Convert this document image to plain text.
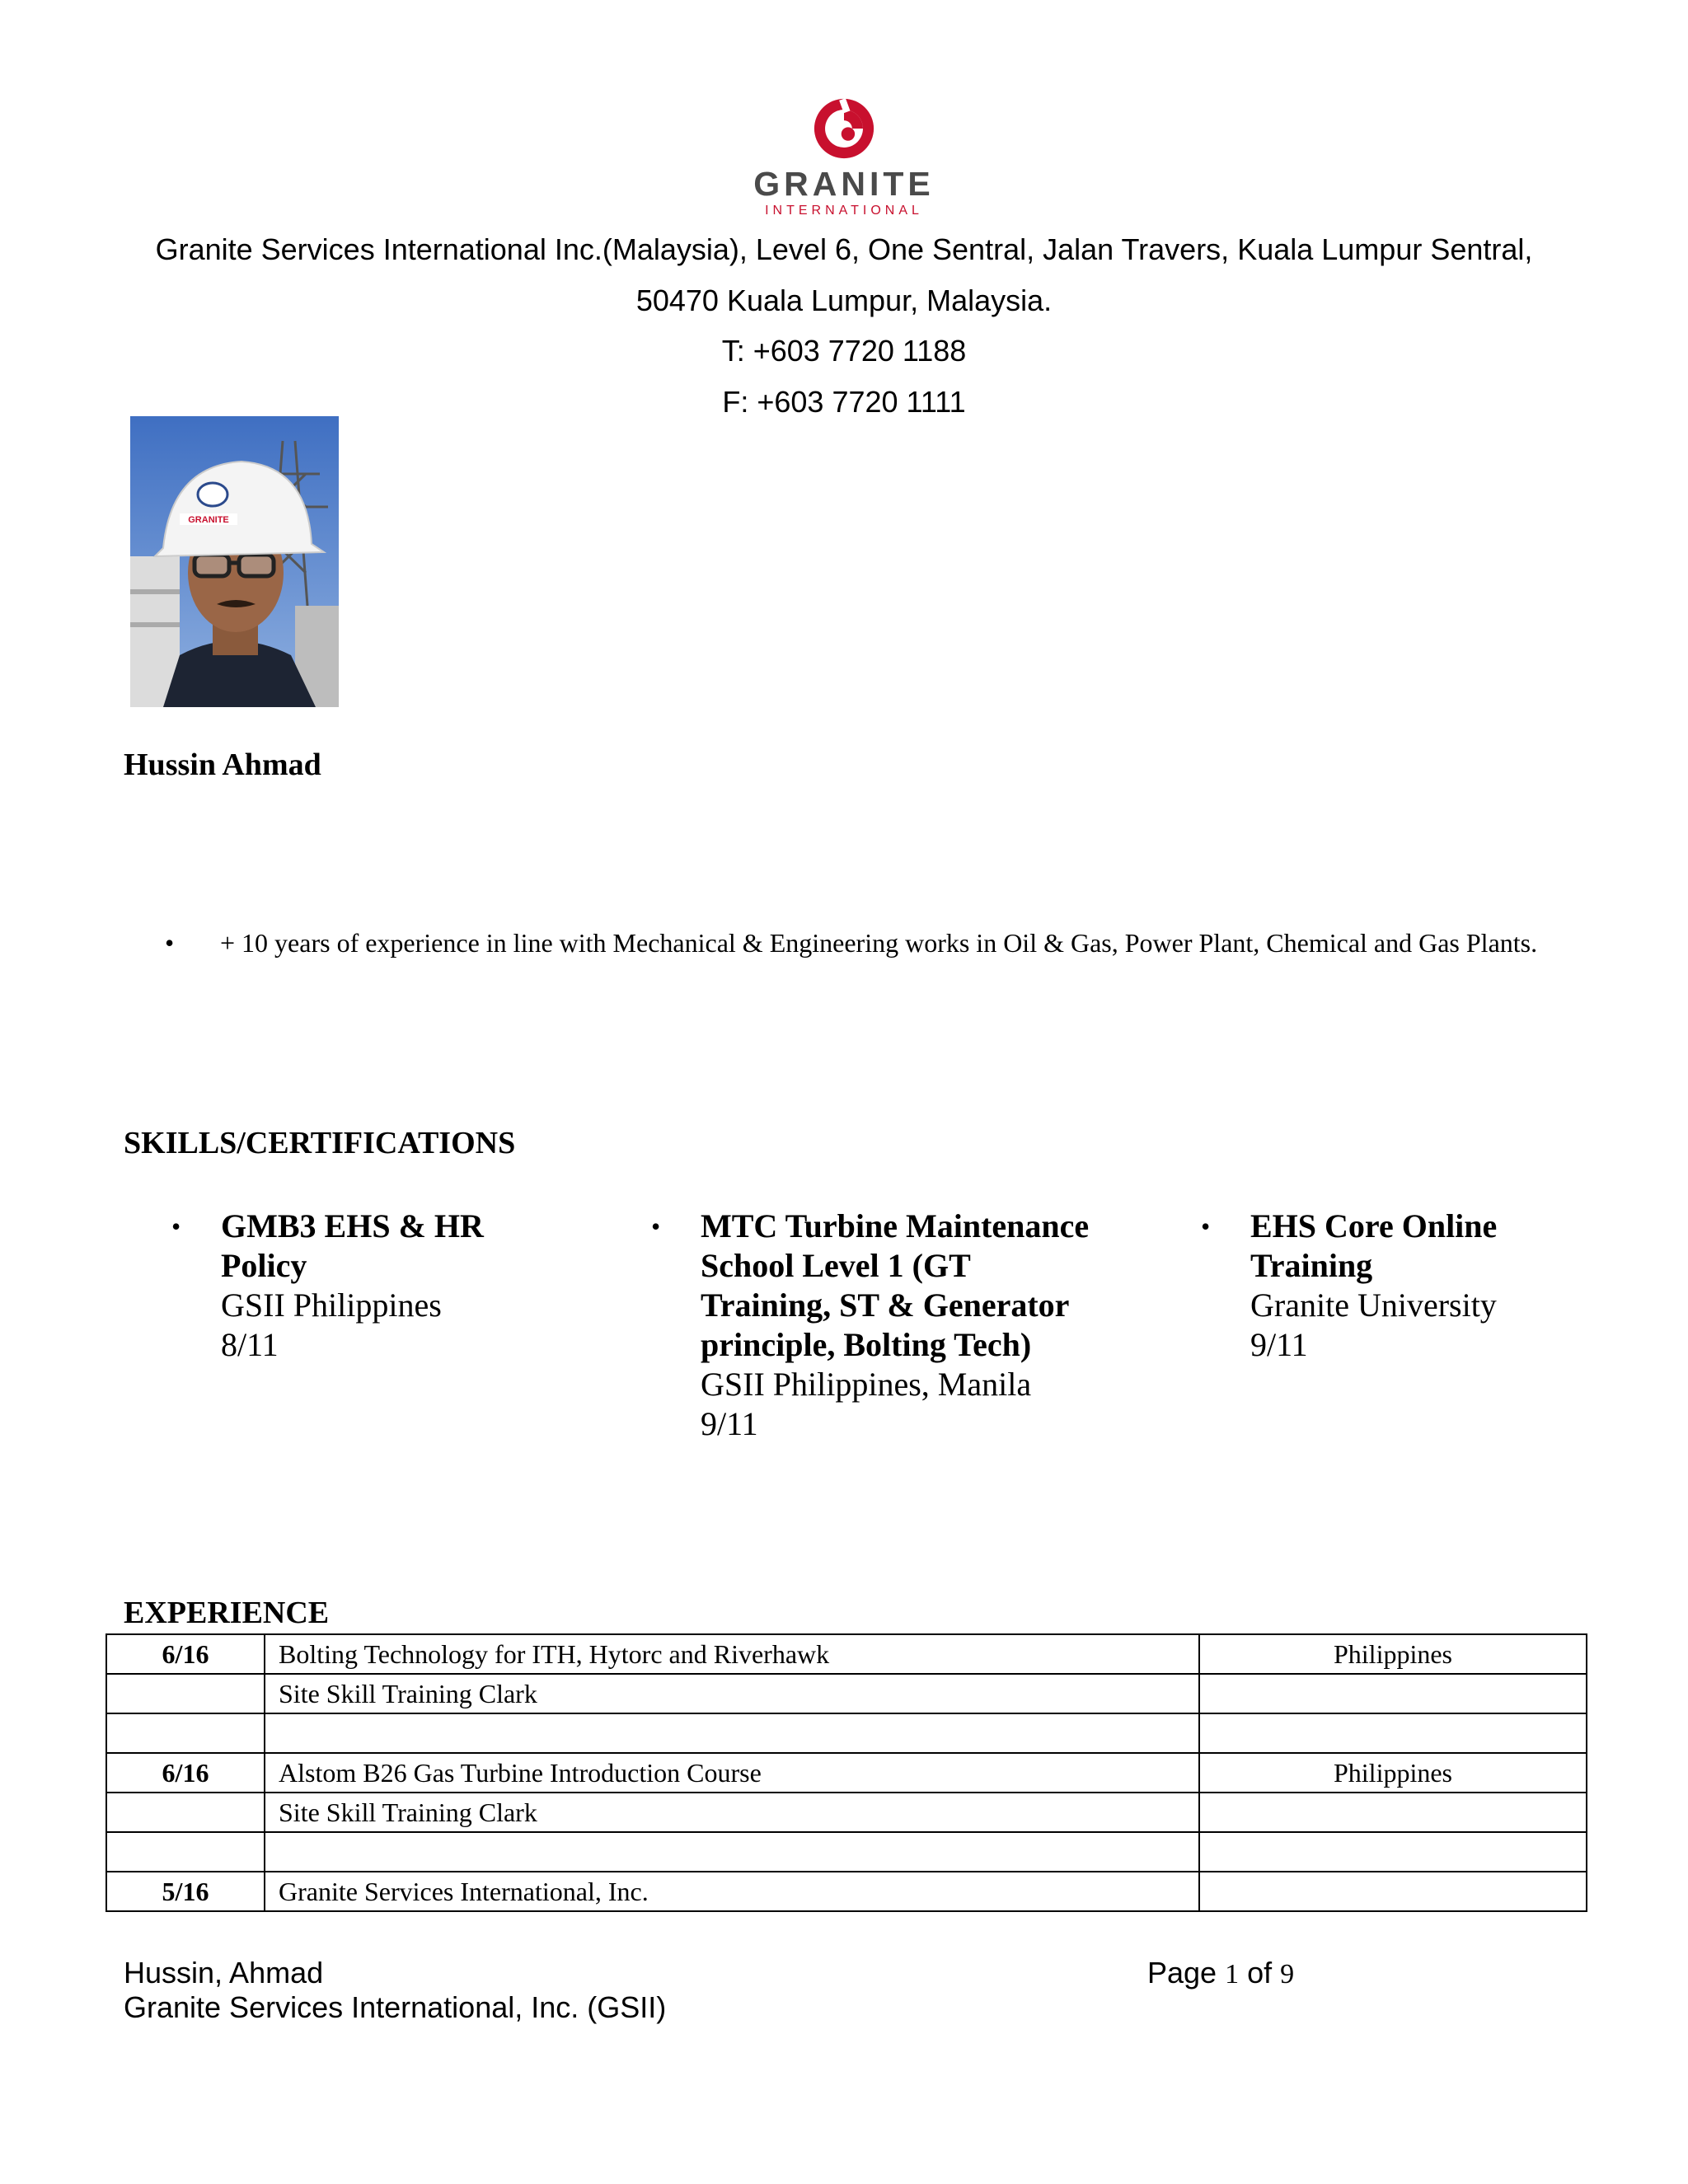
GRANITE
INTERNATIONAL
Granite Services International Inc.(Malaysia), Level 6, One Sentral, Jalan Travers, Kuala Lumpur Sentral,
50470 Kuala Lumpur, Malaysia.
T: +603 7720 1188
F: +603 7720 1111
GRANITE
Hussin Ahmad
• + 10 years of experience in line with Mechanical & Engineering works in Oil & Gas, Power Plant, Chemical and Gas Plants.
SKILLS/CERTIFICATIONS
• GMB3 EHS & HR
Policy
GSII Philippines
8/11
• MTC Turbine Maintenance
School Level 1 (GT
Training, ST & Generator
principle, Bolting Tech)
GSII Philippines, Manila
9/11
• EHS Core Online
Training
Granite University
9/11
EXPERIENCE
6/16	Bolting Technology for ITH, Hytorc and Riverhawk	Philippines
	Site Skill Training Clark	

6/16	Alstom B26 Gas Turbine Introduction Course	Philippines
	Site Skill Training Clark	

5/16	Granite Services International, Inc.	
Hussin, Ahmad
Granite Services International, Inc. (GSII)
Page 1 of 9
